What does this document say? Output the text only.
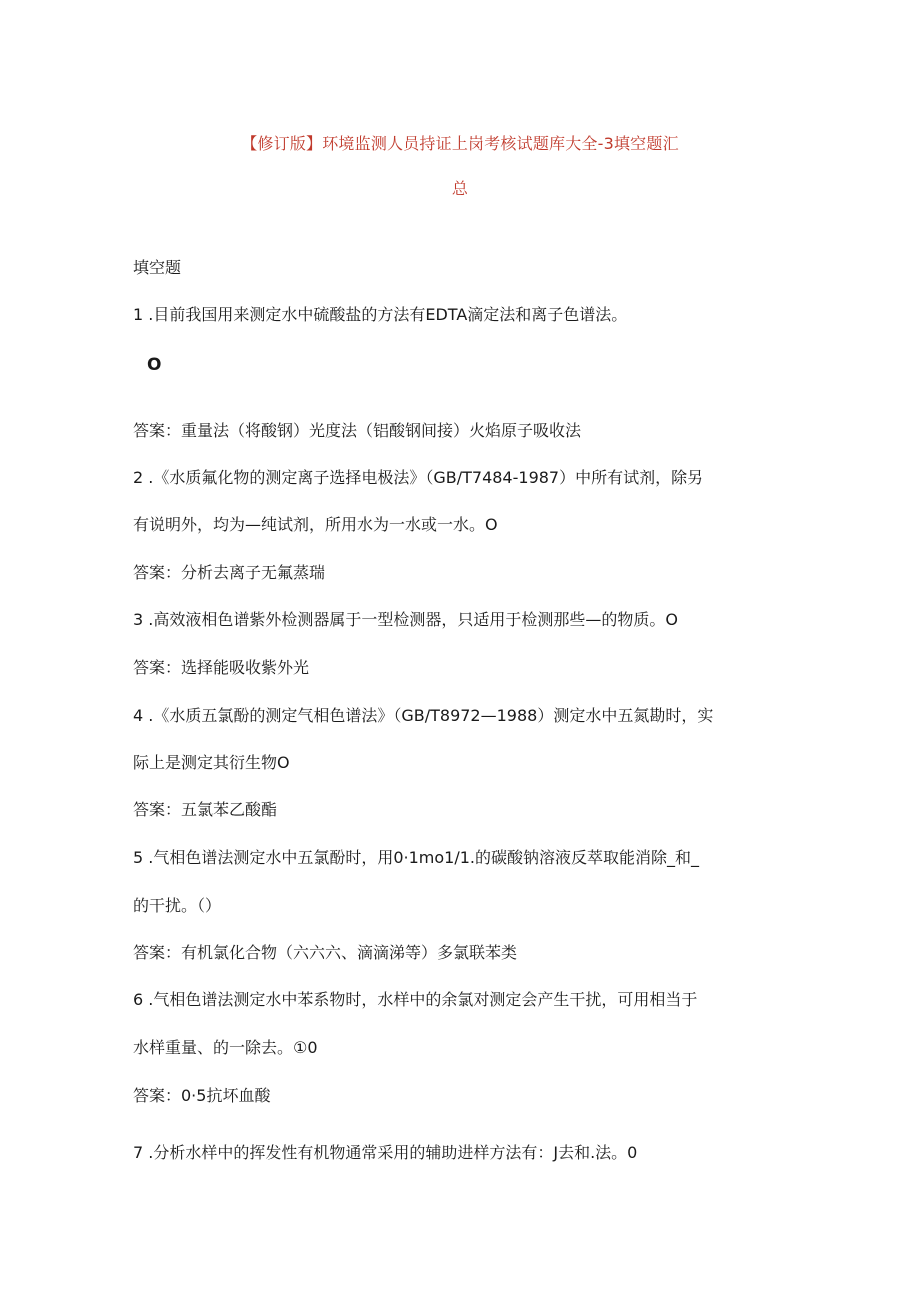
【修订版】环境监测人员持证上岗考核试题库大全-3填空题汇
总
填空题
1 .目前我国用来测定水中硫酸盐的方法有EDTA滴定法和离子色谱法。
O
答案：重量法（将酸钢）光度法（铝酸钢间接）火焰原子吸收法
2 .《水质氟化物的测定离子选择电极法》（GB/T7484-1987）中所有试剂，除另
有说明外，均为—纯试剂，所用水为一水或一水。O
答案：分析去离子无氟蒸瑞
3 .高效液相色谱紫外检测器属于一型检测器，只适用于检测那些—的物质。O
答案：选择能吸收紫外光
4 .《水质五氯酚的测定气相色谱法》（GB/T8972—1988）测定水中五氮勘时，实
际上是测定其衍生物O
答案：五氯苯乙酸酯
5 .气相色谱法测定水中五氯酚时，用0·1mo1∕1.的碳酸钠溶液反萃取能消除_和_
的干扰。（）
答案：有机氯化合物（六六六、滴滴涕等）多氯联苯类
6 .气相色谱法测定水中苯系物时，水样中的余氯对测定会产生干扰，可用相当于
水样重量、的一除去。①0
答案：0·5抗坏血酸
7 .分析水样中的挥发性有机物通常采用的辅助进样方法有：J去和.法。0
